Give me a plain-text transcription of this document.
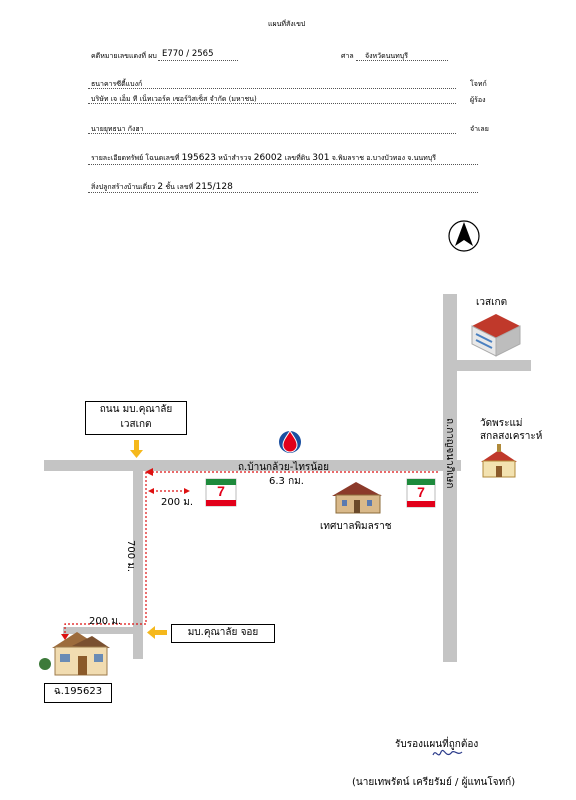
แผนที่สังเขป
คดีหมายเลขแดงที่ ผบ E770 / 2565	ศาล จังหวัดนนทบุรี
ธนาคารซีตี้แบงก์	โจทก์
บริษัท เจ เอ็ม ที เน็ทเวอร์ค เซอร์วิสเซ็ส จำกัด (มหาชน)	ผู้ร้อง
นายยุทธนา กังฮา	จำเลย
รายละเอียดทรัพย์ โฉนดเลขที่ 195623 หน้าสำรวจ 26002 เลขที่ดิน 301 จ.พิมลราช อ.บางบัวทอง จ.นนทบุรี
สิ่งปลูกสร้างบ้านเดี่ยว 2 ชั้น เลขที่ 215/128
7	7
ถนน มบ.คุณาลัย
เวสเกต
ถ.บ้านกล้วย-ไทรน้อย
6.3 กม.
200 ม.
700 ม.
200 ม.
เทศบาลพิมลราช
เวสเกต
วัดพระแม่
สกลสงเคราะห์
ถ.กาญจนาภิเษก
มบ.คุณาลัย จอย
ฉ.195623
รับรองแผนที่ถูกต้อง
(นายเทพรัตน์ เครียรัมย์ / ผู้แทนโจทก์)
